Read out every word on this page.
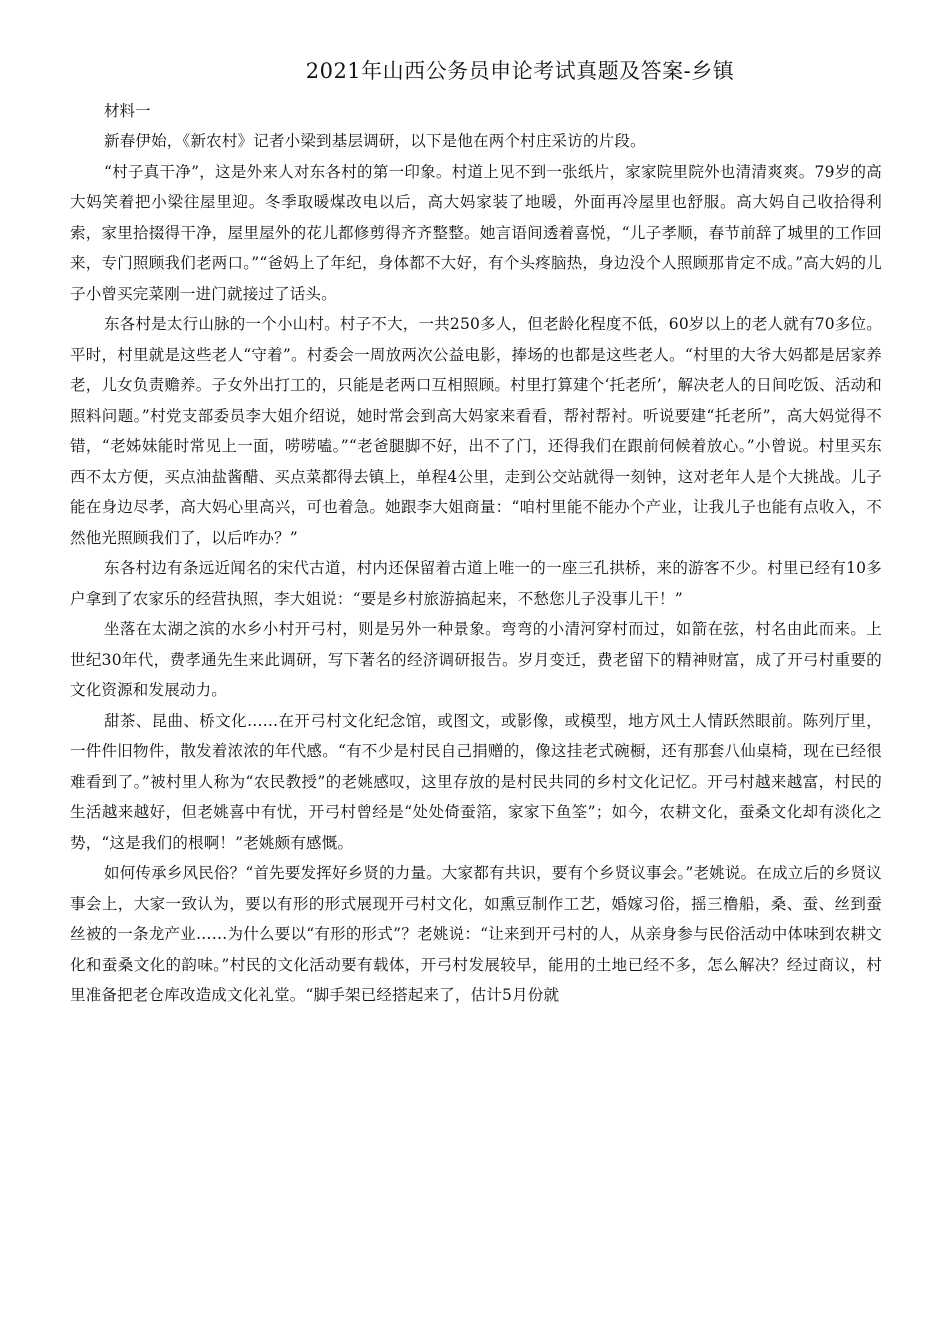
2021年山西公务员申论考试真题及答案-乡镇

材料一

新春伊始，《新农村》记者小梁到基层调研，以下是他在两个村庄采访的片段。

“村子真干净”，这是外来人对东各村的第一印象。村道上见不到一张纸片，家家院里院外也清清爽爽。79岁的高大妈笑着把小梁往屋里迎。冬季取暖煤改电以后，高大妈家装了地暖，外面再冷屋里也舒服。高大妈自己收拾得利索，家里拾掇得干净，屋里屋外的花儿都修剪得齐齐整整。她言语间透着喜悦，“儿子孝顺，春节前辞了城里的工作回来，专门照顾我们老两口。”“爸妈上了年纪，身体都不大好，有个头疼脑热，身边没个人照顾那肯定不成。”高大妈的儿子小曾买完菜刚一进门就接过了话头。

东各村是太行山脉的一个小山村。村子不大，一共250多人，但老龄化程度不低，60岁以上的老人就有70多位。平时，村里就是这些老人“守着”。村委会一周放两次公益电影，捧场的也都是这些老人。“村里的大爷大妈都是居家养老，儿女负责赡养。子女外出打工的，只能是老两口互相照顾。村里打算建个‘托老所’，解决老人的日间吃饭、活动和照料问题。”村党支部委员李大姐介绍说，她时常会到高大妈家来看看，帮衬帮衬。听说要建“托老所”，高大妈觉得不错，“老姊妹能时常见上一面，唠唠嗑。”“老爸腿脚不好，出不了门，还得我们在跟前伺候着放心。”小曾说。村里买东西不太方便，买点油盐酱醋、买点菜都得去镇上，单程4公里，走到公交站就得一刻钟，这对老年人是个大挑战。儿子能在身边尽孝，高大妈心里高兴，可也着急。她跟李大姐商量：“咱村里能不能办个产业，让我儿子也能有点收入，不然他光照顾我们了，以后咋办？”

东各村边有条远近闻名的宋代古道，村内还保留着古道上唯一的一座三孔拱桥，来的游客不少。村里已经有10多户拿到了农家乐的经营执照，李大姐说：“要是乡村旅游搞起来，不愁您儿子没事儿干！”

坐落在太湖之滨的水乡小村开弓村，则是另外一种景象。弯弯的小清河穿村而过，如箭在弦，村名由此而来。上世纪30年代，费孝通先生来此调研，写下著名的经济调研报告。岁月变迁，费老留下的精神财富，成了开弓村重要的文化资源和发展动力。

甜茶、昆曲、桥文化……在开弓村文化纪念馆，或图文，或影像，或模型，地方风土人情跃然眼前。陈列厅里，一件件旧物件，散发着浓浓的年代感。“有不少是村民自己捐赠的，像这挂老式碗橱，还有那套八仙桌椅，现在已经很难看到了。”被村里人称为“农民教授”的老姚感叹，这里存放的是村民共同的乡村文化记忆。开弓村越来越富，村民的生活越来越好，但老姚喜中有忧，开弓村曾经是“处处倚蚕箔，家家下鱼筌”；如今，农耕文化，蚕桑文化却有淡化之势，“这是我们的根啊！”老姚颇有感慨。

如何传承乡风民俗？“首先要发挥好乡贤的力量。大家都有共识，要有个乡贤议事会。”老姚说。在成立后的乡贤议事会上，大家一致认为，要以有形的形式展现开弓村文化，如熏豆制作工艺，婚嫁习俗，摇三橹船，桑、蚕、丝到蚕丝被的一条龙产业……为什么要以“有形的形式”？老姚说：“让来到开弓村的人，从亲身参与民俗活动中体味到农耕文化和蚕桑文化的韵味。”村民的文化活动要有载体，开弓村发展较早，能用的土地已经不多，怎么解决？经过商议，村里准备把老仓库改造成文化礼堂。“脚手架已经搭起来了，估计5月份就
